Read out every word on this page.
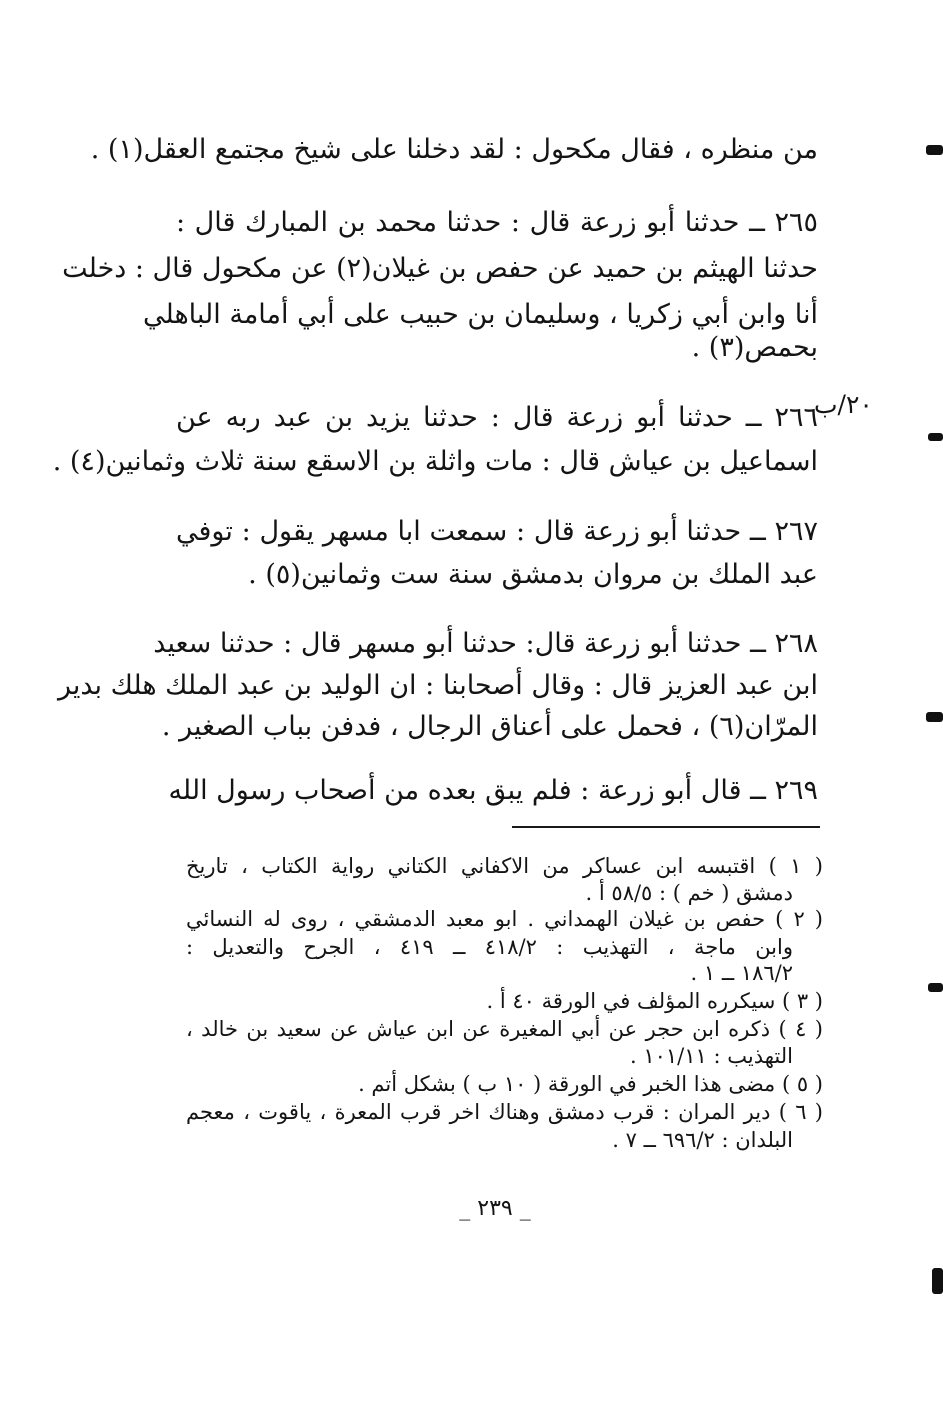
من منظره ، فقال مكحول : لقد دخلنا على شيخ مجتمع العقل(١) .
٢٦٥ ــ حدثنا أبو زرعة قال : حدثنا محمد بن المبارك قال :
حدثنا الهيثم بن حميد عن حفص بن غيلان(٢) عن مكحول قال : دخلت
أنا وابن أبي زكريا ، وسليمان بن حبيب على أبي أمامة الباهلي
بحمص(٣) .
٢٠/ب
٢٦٦ ــ حدثنا أبو زرعة قال : حدثنا يزيد بن عبد ربه عن
اسماعيل بن عياش قال : مات واثلة بن الاسقع سنة ثلاث وثمانين(٤) .
٢٦٧ ــ حدثنا أبو زرعة قال : سمعت ابا مسهر يقول : توفي
عبد الملك بن مروان بدمشق سنة ست وثمانين(٥) .
٢٦٨ ــ حدثنا أبو زرعة قال: حدثنا أبو مسهر قال : حدثنا سعيد
ابن عبد العزيز قال : وقال أصحابنا : ان الوليد بن عبد الملك هلك بدير
المرّان(٦) ، فحمل على أعناق الرجال ، فدفن بباب الصغير .
٢٦٩ ــ قال أبو زرعة : فلم يبق بعده من أصحاب رسول الله
( ١ ) اقتبسه ابن عساكر من الاكفاني الكتاني رواية الكتاب ، تاريخ
دمشق ( خم ) : ٥٨/٥ أ .
( ٢ ) حفص بن غيلان الهمداني . ابو معبد الدمشقي ، روى له النسائي
وابن ماجة ، التهذيب : ٤١٨/٢ ــ ٤١٩ ، الجرح والتعديل :
١٨٦/٢ ــ ١ .
( ٣ ) سيكرره المؤلف في الورقة ٤٠ أ .
( ٤ ) ذكره ابن حجر عن أبي المغيرة عن ابن عياش عن سعيد بن خالد ،
التهذيب : ١٠١/١١ .
( ٥ ) مضى هذا الخبر في الورقة ( ١٠ ب ) بشكل أتم .
( ٦ ) دير المران : قرب دمشق وهناك اخر قرب المعرة ، ياقوت ، معجم
البلدان : ٦٩٦/٢ ــ ٧ .
_ ٢٣٩ _
